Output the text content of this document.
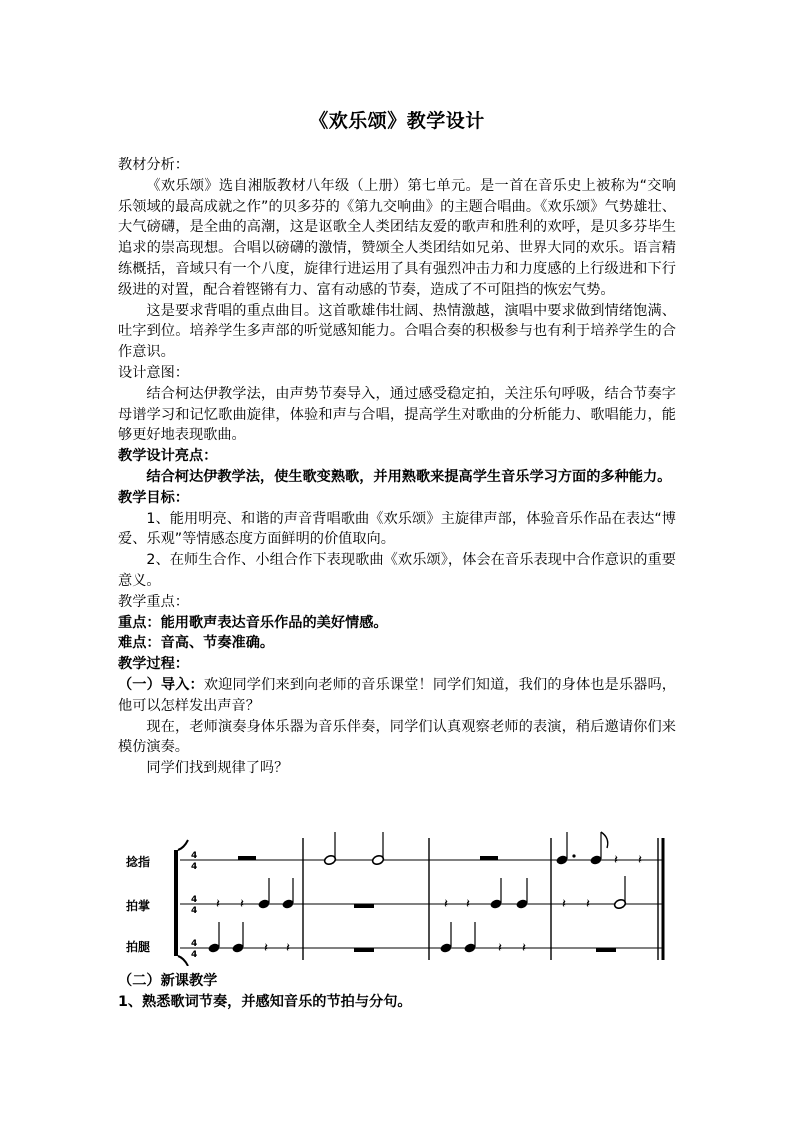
《欢乐颂》教学设计

教材分析：

《欢乐颂》选自湘版教材八年级（上册）第七单元。是一首在音乐史上被称为“交响乐领域的最高成就之作”的贝多芬的《第九交响曲》的主题合唱曲。《欢乐颂》气势雄壮、大气磅礴，是全曲的高潮，这是讴歌全人类团结友爱的歌声和胜利的欢呼，是贝多芬毕生追求的崇高现想。合唱以磅礴的激情，赞颂全人类团结如兄弟、世界大同的欢乐。语言精练概括，音域只有一个八度，旋律行进运用了具有强烈冲击力和力度感的上行级进和下行级进的对置，配合着铿锵有力、富有动感的节奏，造成了不可阻挡的恢宏气势。

这是要求背唱的重点曲目。这首歌雄伟壮阔、热情激越，演唱中要求做到情绪饱满、吐字到位。培养学生多声部的听觉感知能力。合唱合奏的积极参与也有利于培养学生的合作意识。

设计意图：

结合柯达伊教学法，由声势节奏导入，通过感受稳定拍，关注乐句呼吸，结合节奏字母谱学习和记忆歌曲旋律，体验和声与合唱，提高学生对歌曲的分析能力、歌唱能力，能够更好地表现歌曲。

教学设计亮点：

结合柯达伊教学法，使生歌变熟歌，并用熟歌来提高学生音乐学习方面的多种能力。

教学目标：

1、能用明亮、和谐的声音背唱歌曲《欢乐颂》主旋律声部，体验音乐作品在表达“博爱、乐观”等情感态度方面鲜明的价值取向。

2、在师生合作、小组合作下表现歌曲《欢乐颂》，体会在音乐表现中合作意识的重要意义。

教学重点：

重点：能用歌声表达音乐作品的美好情感。

难点：音高、节奏准确。

教学过程：

（一）导入：欢迎同学们来到向老师的音乐课堂！同学们知道，我们的身体也是乐器吗，他可以怎样发出声音？

现在，老师演奏身体乐器为音乐伴奏，同学们认真观察老师的表演，稍后邀请你们来模仿演奏。

同学们找到规律了吗？

捻指
拍掌
拍腿
4
4
4
4
4
4
𝄽 𝄽
𝄽 𝄽	𝄽 𝄽	𝄽 𝄽
𝄽 𝄽	𝄽 𝄽
（二）新课教学
1、熟悉歌词节奏，并感知音乐的节拍与分句。
